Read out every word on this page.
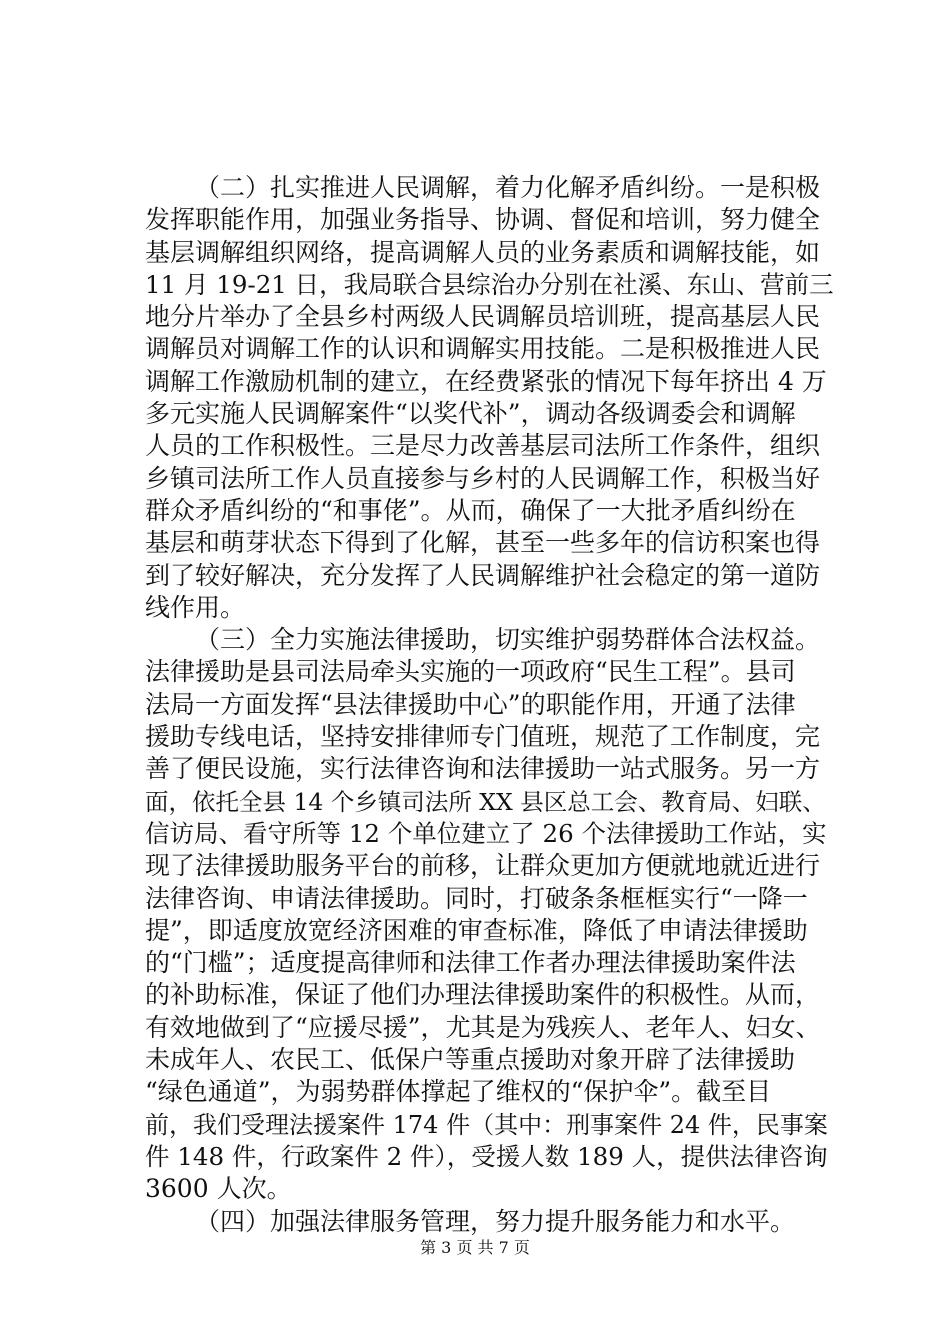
（二）扎实推进人民调解，着力化解矛盾纠纷。一是积极
发挥职能作用，加强业务指导、协调、督促和培训，努力健全
基层调解组织网络，提高调解人员的业务素质和调解技能，如
11 月 19-21 日，我局联合县综治办分别在社溪、东山、营前三
地分片举办了全县乡村两级人民调解员培训班，提高基层人民
调解员对调解工作的认识和调解实用技能。二是积极推进人民
调解工作激励机制的建立，在经费紧张的情况下每年挤出 4 万
多元实施人民调解案件“以奖代补”，调动各级调委会和调解
人员的工作积极性。三是尽力改善基层司法所工作条件，组织
乡镇司法所工作人员直接参与乡村的人民调解工作，积极当好
群众矛盾纠纷的“和事佬”。从而，确保了一大批矛盾纠纷在
基层和萌芽状态下得到了化解，甚至一些多年的信访积案也得
到了较好解决，充分发挥了人民调解维护社会稳定的第一道防
线作用。
（三）全力实施法律援助，切实维护弱势群体合法权益。
法律援助是县司法局牵头实施的一项政府“民生工程”。县司
法局一方面发挥“县法律援助中心”的职能作用，开通了法律
援助专线电话，坚持安排律师专门值班，规范了工作制度，完
善了便民设施，实行法律咨询和法律援助一站式服务。另一方
面，依托全县 14 个乡镇司法所 XX 县区总工会、教育局、妇联、
信访局、看守所等 12 个单位建立了 26 个法律援助工作站，实
现了法律援助服务平台的前移，让群众更加方便就地就近进行
法律咨询、申请法律援助。同时，打破条条框框实行“一降一
提”，即适度放宽经济困难的审查标准，降低了申请法律援助
的“门槛”；适度提高律师和法律工作者办理法律援助案件法
的补助标准，保证了他们办理法律援助案件的积极性。从而，
有效地做到了“应援尽援”，尤其是为残疾人、老年人、妇女、
未成年人、农民工、低保户等重点援助对象开辟了法律援助
“绿色通道”，为弱势群体撑起了维权的“保护伞”。截至目
前，我们受理法援案件 174 件（其中：刑事案件 24 件，民事案
件 148 件，行政案件 2 件），受援人数 189 人，提供法律咨询
3600 人次。
（四）加强法律服务管理，努力提升服务能力和水平。
第 3 页 共 7 页
